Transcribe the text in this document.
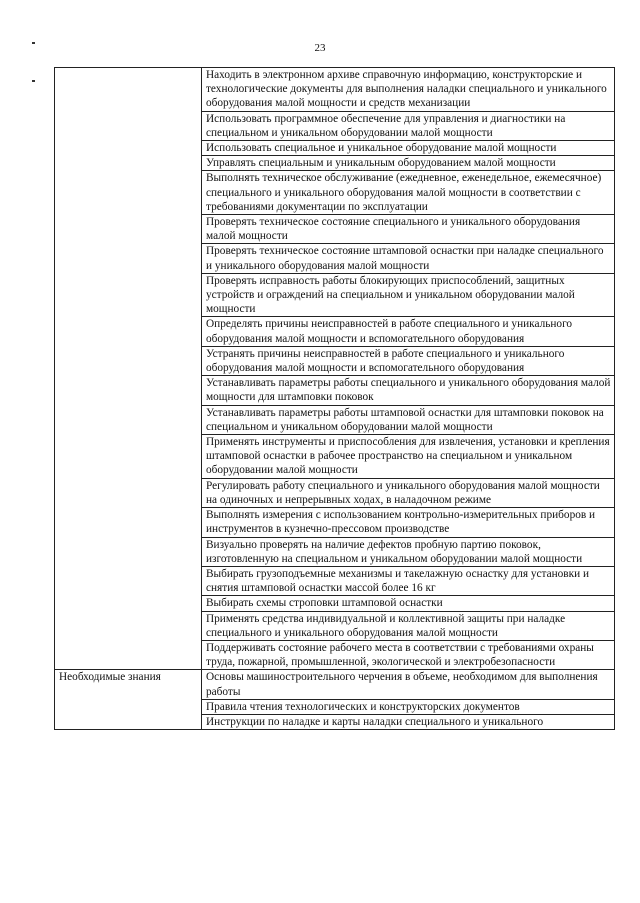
23
	Находить в электронном архиве справочную информацию, конструкторские и технологические документы для выполнения наладки специального и уникального оборудования малой мощности и средств механизации
	Использовать программное обеспечение для управления и диагностики на специальном и уникальном оборудовании малой мощности
	Использовать специальное и уникальное оборудование малой мощности
	Управлять специальным и уникальным оборудованием малой мощности
	Выполнять техническое обслуживание (ежедневное, еженедельное, ежемесячное) специального и уникального оборудования малой мощности в соответствии с требованиями документации по эксплуатации
	Проверять техническое состояние специального и уникального оборудования малой мощности
	Проверять техническое состояние штамповой оснастки при наладке специального и уникального оборудования малой мощности
	Проверять исправность работы блокирующих приспособлений, защитных устройств и ограждений на специальном и уникальном оборудовании малой мощности
	Определять причины неисправностей в работе специального и уникального оборудования малой мощности и вспомогательного оборудования
	Устранять причины неисправностей в работе специального и уникального оборудования малой мощности и вспомогательного оборудования
	Устанавливать параметры работы специального и уникального оборудования малой мощности для штамповки поковок
	Устанавливать параметры работы штамповой оснастки для штамповки поковок на специальном и уникальном оборудовании малой мощности
	Применять инструменты и приспособления для извлечения, установки и крепления штамповой оснастки в рабочее пространство на специальном и уникальном оборудовании малой мощности
	Регулировать работу специального и уникального оборудования малой мощности на одиночных и непрерывных ходах, в наладочном режиме
	Выполнять измерения с использованием контрольно-измерительных приборов и инструментов в кузнечно-прессовом производстве
	Визуально проверять на наличие дефектов пробную партию поковок, изготовленную на специальном и уникальном оборудовании малой мощности
	Выбирать грузоподъемные механизмы и такелажную оснастку для установки и снятия штамповой оснастки массой более 16 кг
	Выбирать схемы строповки штамповой оснастки
	Применять средства индивидуальной и коллективной защиты при наладке специального и уникального оборудования малой мощности
	Поддерживать состояние рабочего места в соответствии с требованиями охраны труда, пожарной, промышленной, экологической и электробезопасности
Необходимые знания	Основы машиностроительного черчения в объеме, необходимом для выполнения работы
	Правила чтения технологических и конструкторских документов
	Инструкции по наладке и карты наладки специального и уникального
